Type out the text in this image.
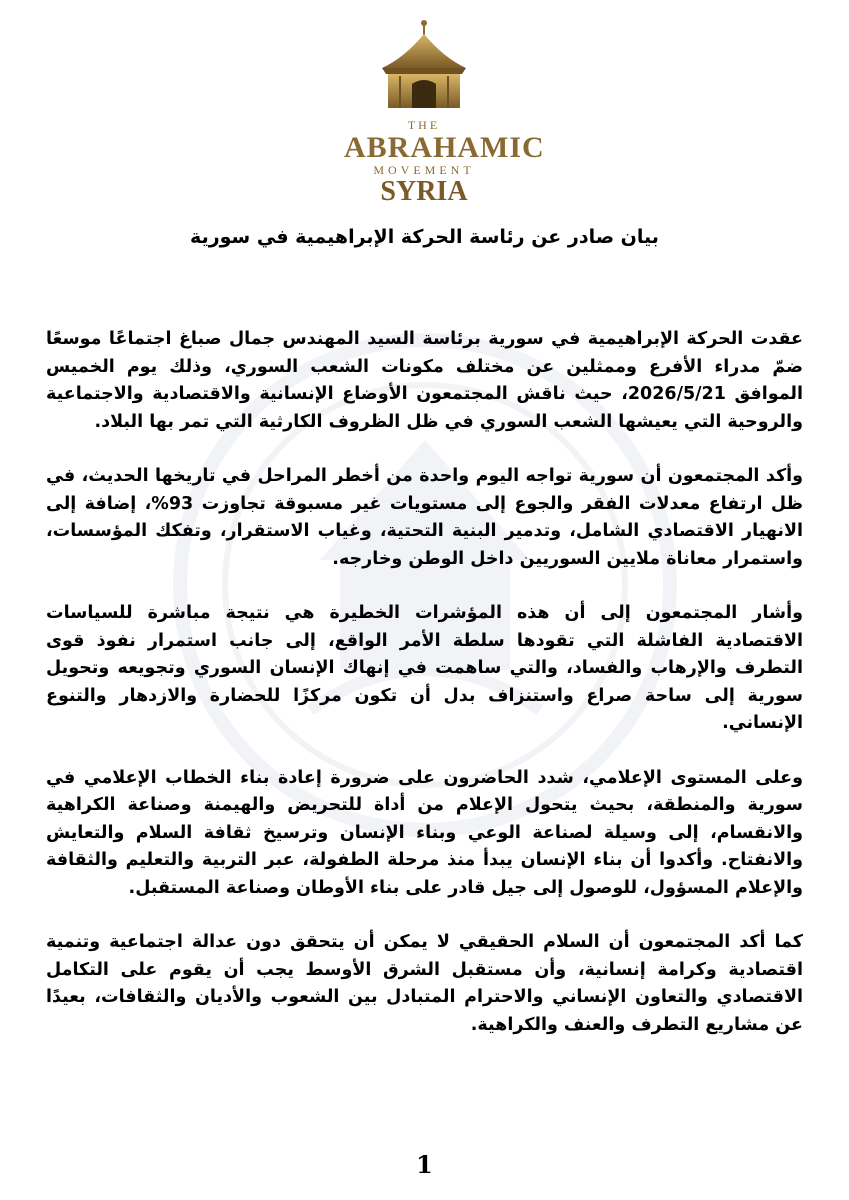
THE
ABRAHAMIC
MOVEMENT
SYRIA
بيان صادر عن رئاسة الحركة الإبراهيمية في سورية

عقدت الحركة الإبراهيمية في سورية برئاسة السيد المهندس جمال صباغ اجتماعًا موسعًا ضمّ مدراء الأفرع وممثلين عن مختلف مكونات الشعب السوري، وذلك يوم الخميس الموافق 2026/5/21، حيث ناقش المجتمعون الأوضاع الإنسانية والاقتصادية والاجتماعية والروحية التي يعيشها الشعب السوري في ظل الظروف الكارثية التي تمر بها البلاد.

وأكد المجتمعون أن سورية تواجه اليوم واحدة من أخطر المراحل في تاريخها الحديث، في ظل ارتفاع معدلات الفقر والجوع إلى مستويات غير مسبوقة تجاوزت 93%، إضافة إلى الانهيار الاقتصادي الشامل، وتدمير البنية التحتية، وغياب الاستقرار، وتفكك المؤسسات، واستمرار معاناة ملايين السوريين داخل الوطن وخارجه.

وأشار المجتمعون إلى أن هذه المؤشرات الخطيرة هي نتيجة مباشرة للسياسات الاقتصادية الفاشلة التي تقودها سلطة الأمر الواقع، إلى جانب استمرار نفوذ قوى التطرف والإرهاب والفساد، والتي ساهمت في إنهاك الإنسان السوري وتجويعه وتحويل سورية إلى ساحة صراع واستنزاف بدل أن تكون مركزًا للحضارة والازدهار والتنوع الإنساني.

وعلى المستوى الإعلامي، شدد الحاضرون على ضرورة إعادة بناء الخطاب الإعلامي في سورية والمنطقة، بحيث يتحول الإعلام من أداة للتحريض والهيمنة وصناعة الكراهية والانقسام، إلى وسيلة لصناعة الوعي وبناء الإنسان وترسيخ ثقافة السلام والتعايش والانفتاح. وأكدوا أن بناء الإنسان يبدأ منذ مرحلة الطفولة، عبر التربية والتعليم والثقافة والإعلام المسؤول، للوصول إلى جيل قادر على بناء الأوطان وصناعة المستقبل.

كما أكد المجتمعون أن السلام الحقيقي لا يمكن أن يتحقق دون عدالة اجتماعية وتنمية اقتصادية وكرامة إنسانية، وأن مستقبل الشرق الأوسط يجب أن يقوم على التكامل الاقتصادي والتعاون الإنساني والاحترام المتبادل بين الشعوب والأديان والثقافات، بعيدًا عن مشاريع التطرف والعنف والكراهية.

1
